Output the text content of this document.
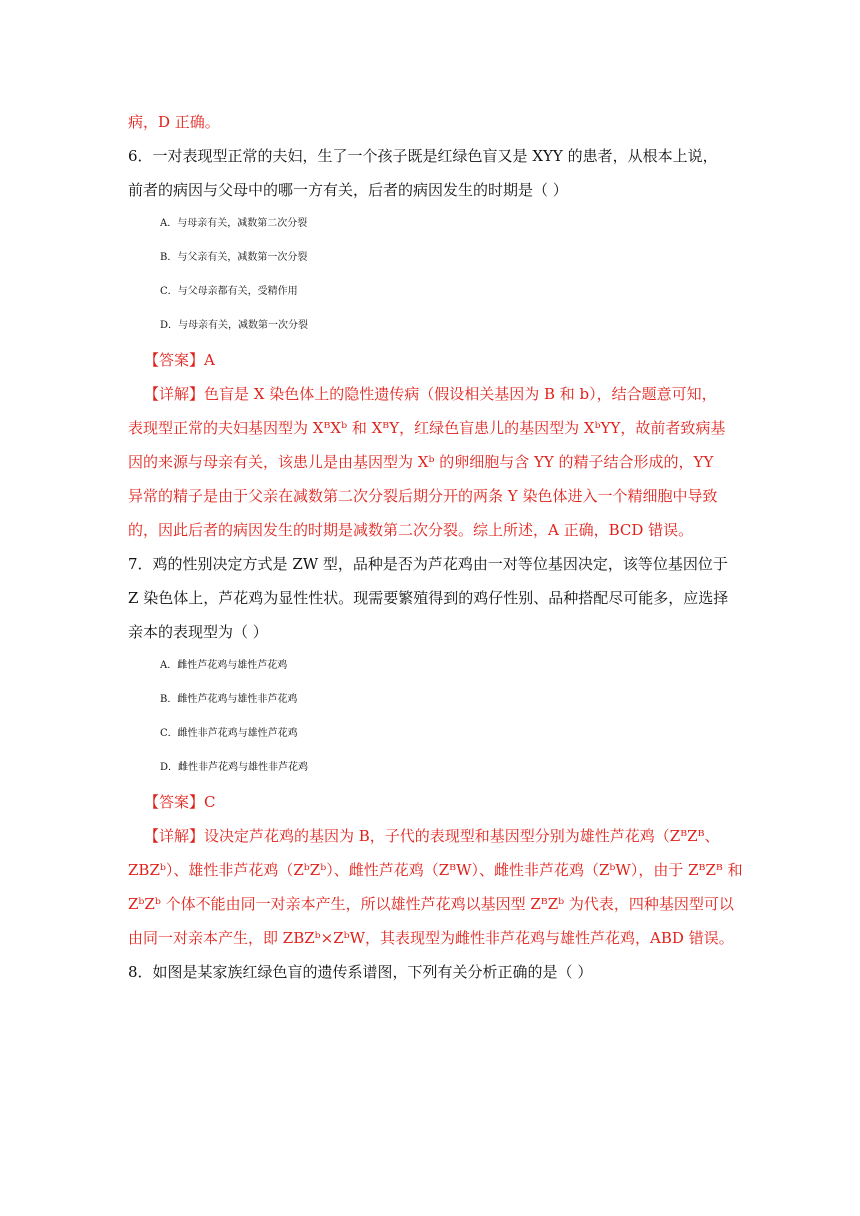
病，D 正确。
6．一对表现型正常的夫妇，生了一个孩子既是红绿色盲又是 XYY 的患者，从根本上说，
前者的病因与父母中的哪一方有关，后者的病因发生的时期是（ ）
A．与母亲有关，减数第二次分裂
B．与父亲有关，减数第一次分裂
C．与父母亲都有关，受精作用
D．与母亲有关，减数第一次分裂
【答案】A
【详解】色盲是 X 染色体上的隐性遗传病（假设相关基因为 B 和 b），结合题意可知，
表现型正常的夫妇基因型为 XᴮXᵇ 和 XᴮY，红绿色盲患儿的基因型为 XᵇYY，故前者致病基
因的来源与母亲有关，该患儿是由基因型为 Xᵇ 的卵细胞与含 YY 的精子结合形成的，YY
异常的精子是由于父亲在减数第二次分裂后期分开的两条 Y 染色体进入一个精细胞中导致
的，因此后者的病因发生的时期是减数第二次分裂。综上所述，A 正确，BCD 错误。
7．鸡的性别决定方式是 ZW 型，品种是否为芦花鸡由一对等位基因决定，该等位基因位于
Z 染色体上，芦花鸡为显性性状。现需要繁殖得到的鸡仔性别、品种搭配尽可能多，应选择
亲本的表现型为（ ）
A．雌性芦花鸡与雄性芦花鸡
B．雌性芦花鸡与雄性非芦花鸡
C．雌性非芦花鸡与雄性芦花鸡
D．雌性非芦花鸡与雄性非芦花鸡
【答案】C
【详解】设决定芦花鸡的基因为 B，子代的表现型和基因型分别为雄性芦花鸡（ZᴮZᴮ、
ZBZᵇ）、雄性非芦花鸡（ZᵇZᵇ）、雌性芦花鸡（ZᴮW）、雌性非芦花鸡（ZᵇW），由于 ZᴮZᴮ 和
ZᵇZᵇ 个体不能由同一对亲本产生，所以雄性芦花鸡以基因型 ZᴮZᵇ 为代表，四种基因型可以
由同一对亲本产生，即 ZBZᵇ×ZᵇW，其表现型为雌性非芦花鸡与雄性芦花鸡，ABD 错误。
8．如图是某家族红绿色盲的遗传系谱图，下列有关分析正确的是（ ）
